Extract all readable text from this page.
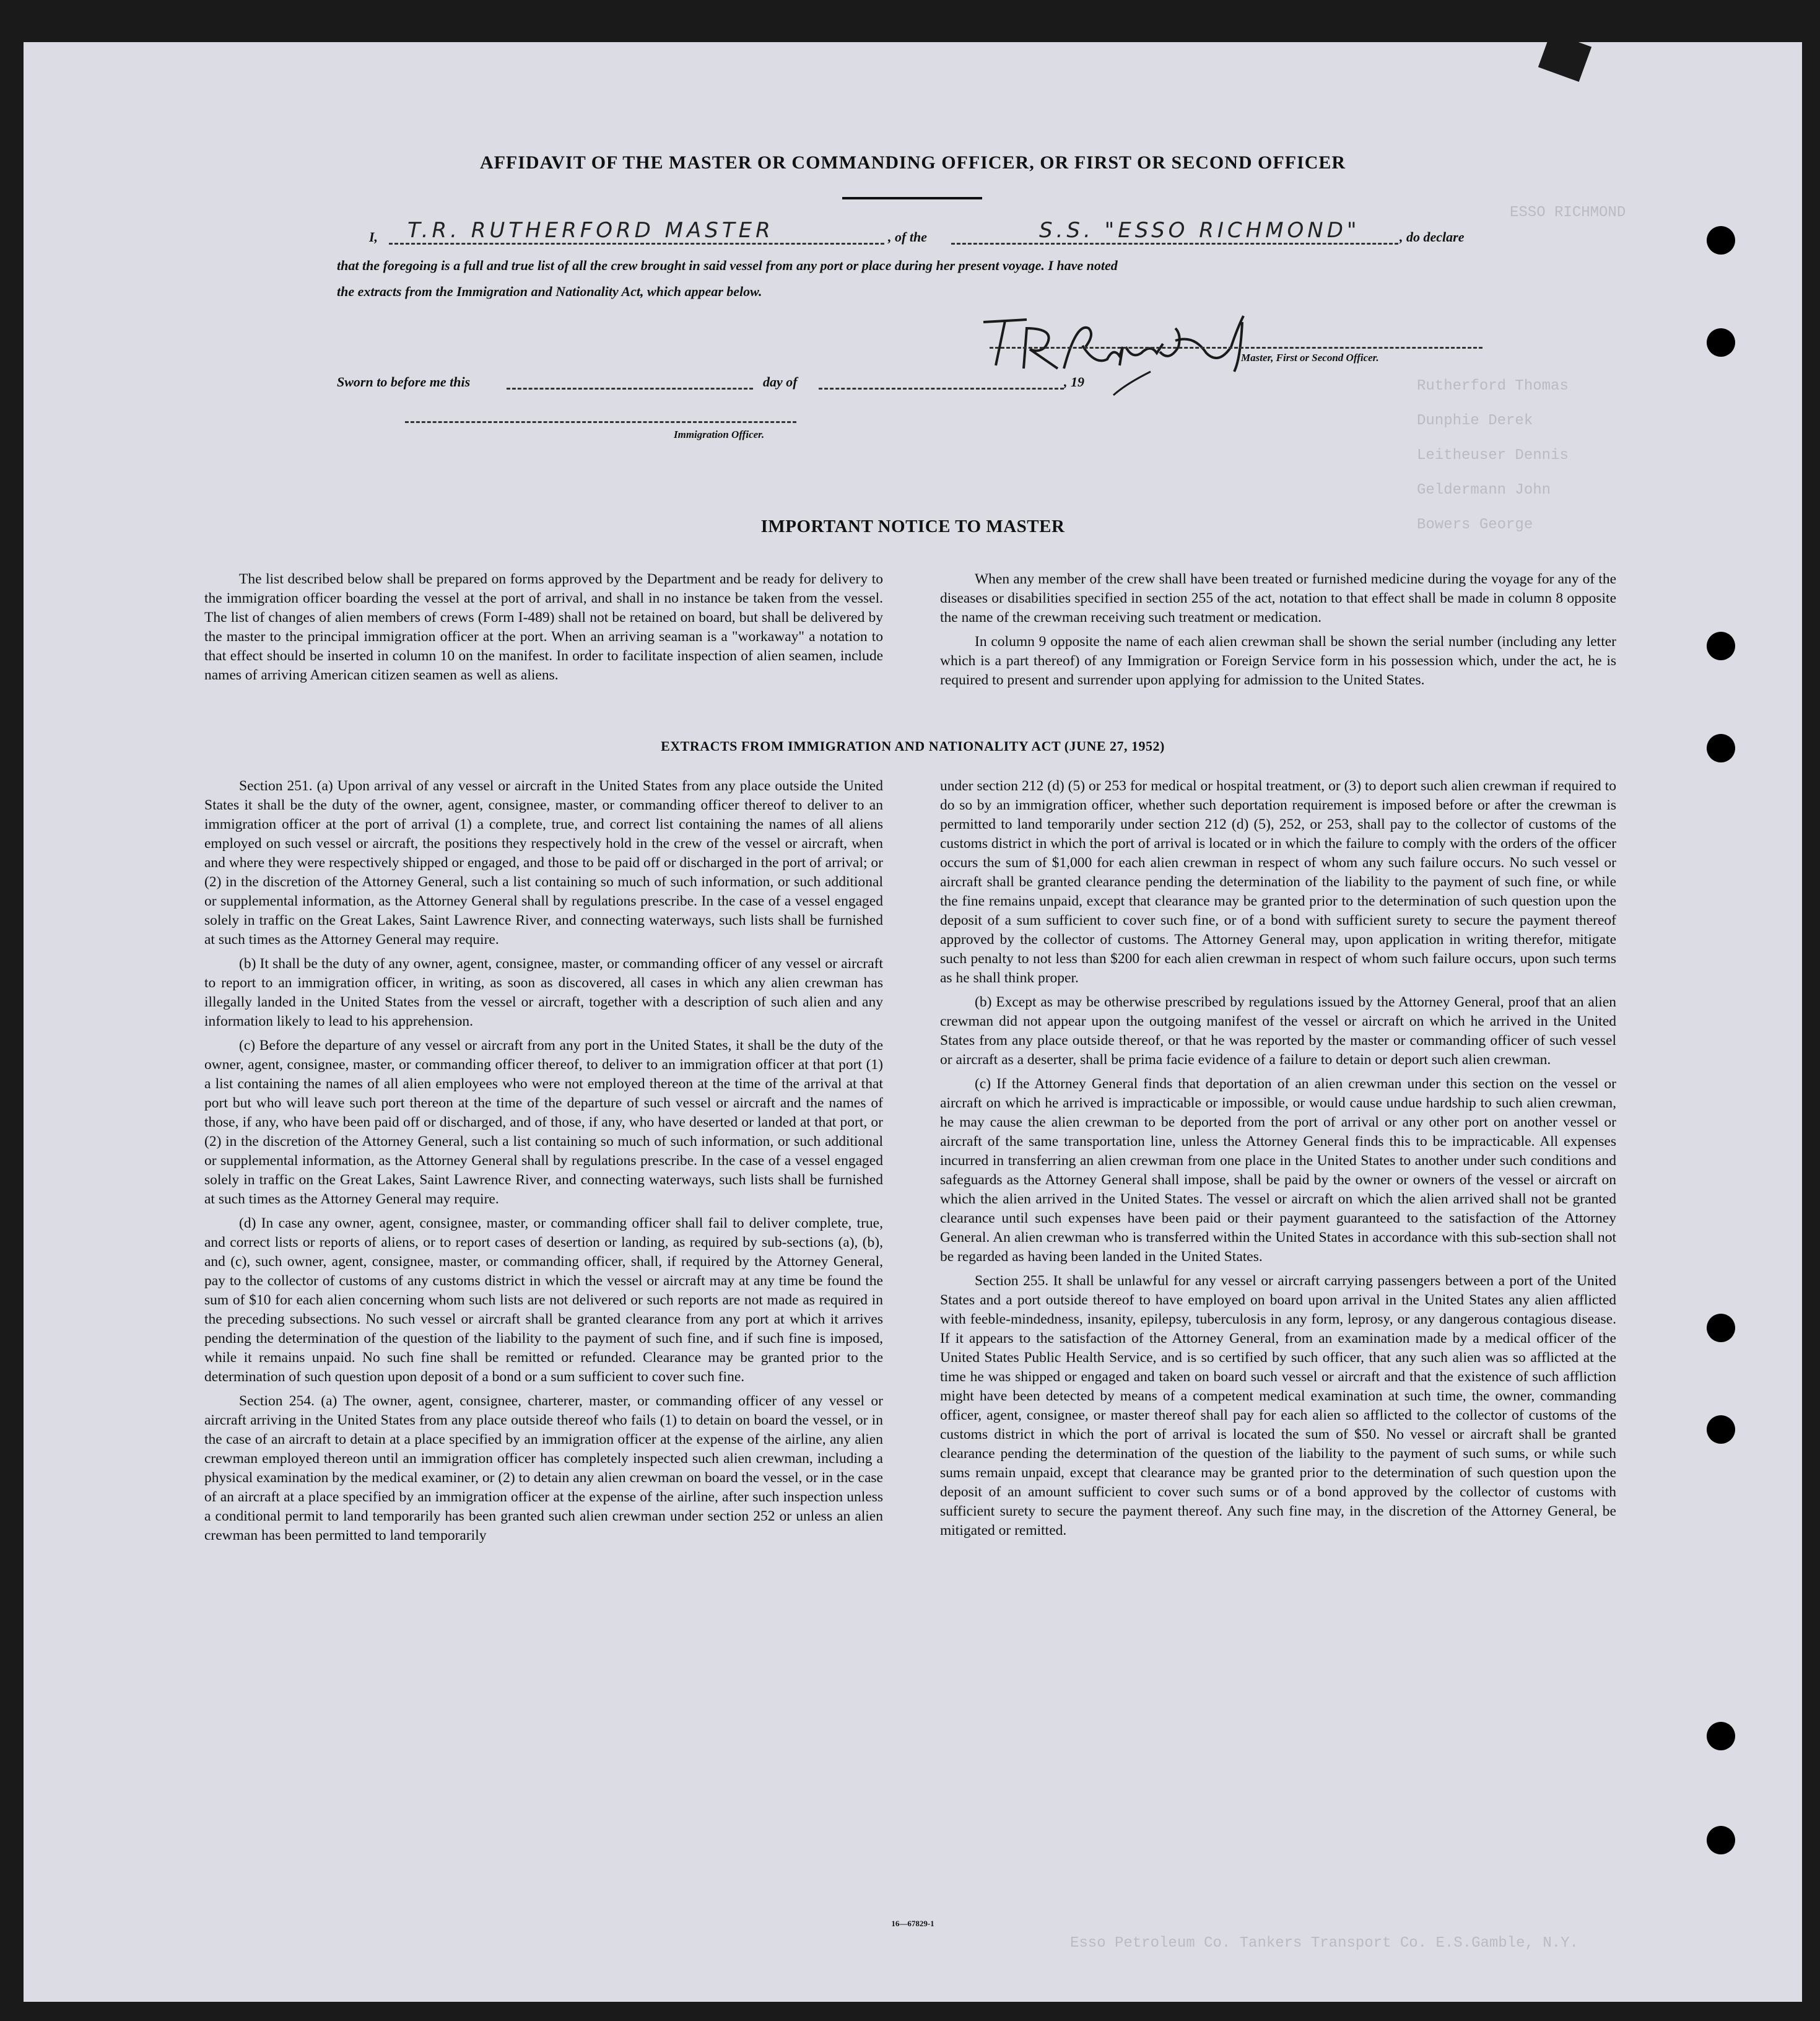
ESSO RICHMOND
Rutherford Thomas
Dunphie Derek
Leitheuser Dennis
Geldermann John
Bowers George
Esso Petroleum Co. Tankers Transport Co. E.S.Gamble, N.Y.
AFFIDAVIT OF THE MASTER OR COMMANDING OFFICER, OR FIRST OR SECOND OFFICER
I, T.R. RUTHERFORD MASTER	, of the	S.S. "ESSO RICHMOND"	, do declare
that the foregoing is a full and true list of all the crew brought in said vessel from any port or place during her present voyage. I have noted
the extracts from the Immigration and Nationality Act, which appear below.
T.R. Rutherford
Master, First or Second Officer.
Sworn to before me this	day of	, 19
Immigration Officer.
IMPORTANT NOTICE TO MASTER

The list described below shall be prepared on forms approved by the Department and be ready for delivery to the immigration officer boarding the vessel at the port of arrival, and shall in no instance be taken from the vessel. The list of changes of alien members of crews (Form I-489) shall not be retained on board, but shall be delivered by the master to the principal immigration officer at the port. When an arriving seaman is a "workaway" a notation to that effect should be inserted in column 10 on the manifest. In order to facilitate inspection of alien seamen, include names of arriving American citizen seamen as well as aliens.

When any member of the crew shall have been treated or furnished medicine during the voyage for any of the diseases or disabilities specified in section 255 of the act, notation to that effect shall be made in column 8 opposite the name of the crewman receiving such treatment or medication.

In column 9 opposite the name of each alien crewman shall be shown the serial number (including any letter which is a part thereof) of any Immigration or Foreign Service form in his possession which, under the act, he is required to present and surrender upon applying for admission to the United States.

EXTRACTS FROM IMMIGRATION AND NATIONALITY ACT (JUNE 27, 1952)

Section 251. (a) Upon arrival of any vessel or aircraft in the United States from any place outside the United States it shall be the duty of the owner, agent, consignee, master, or commanding officer thereof to deliver to an immigration officer at the port of arrival (1) a complete, true, and correct list containing the names of all aliens employed on such vessel or aircraft, the positions they respectively hold in the crew of the vessel or aircraft, when and where they were respectively shipped or engaged, and those to be paid off or discharged in the port of arrival; or (2) in the discretion of the Attorney General, such a list containing so much of such information, or such additional or supplemental information, as the Attorney General shall by regulations prescribe. In the case of a vessel engaged solely in traffic on the Great Lakes, Saint Lawrence River, and connecting waterways, such lists shall be furnished at such times as the Attorney General may require.

(b) It shall be the duty of any owner, agent, consignee, master, or commanding officer of any vessel or aircraft to report to an immigration officer, in writing, as soon as discovered, all cases in which any alien crewman has illegally landed in the United States from the vessel or aircraft, together with a description of such alien and any information likely to lead to his apprehension.

(c) Before the departure of any vessel or aircraft from any port in the United States, it shall be the duty of the owner, agent, consignee, master, or commanding officer thereof, to deliver to an immigration officer at that port (1) a list containing the names of all alien employees who were not employed thereon at the time of the arrival at that port but who will leave such port thereon at the time of the departure of such vessel or aircraft and the names of those, if any, who have been paid off or discharged, and of those, if any, who have deserted or landed at that port, or (2) in the discretion of the Attorney General, such a list containing so much of such information, or such additional or supplemental information, as the Attorney General shall by regulations prescribe. In the case of a vessel engaged solely in traffic on the Great Lakes, Saint Lawrence River, and connecting waterways, such lists shall be furnished at such times as the Attorney General may require.

(d) In case any owner, agent, consignee, master, or commanding officer shall fail to deliver complete, true, and correct lists or reports of aliens, or to report cases of desertion or landing, as required by sub-sections (a), (b), and (c), such owner, agent, consignee, master, or commanding officer, shall, if required by the Attorney General, pay to the collector of customs of any customs district in which the vessel or aircraft may at any time be found the sum of $10 for each alien concerning whom such lists are not delivered or such reports are not made as required in the preceding subsections. No such vessel or aircraft shall be granted clearance from any port at which it arrives pending the determination of the question of the liability to the payment of such fine, and if such fine is imposed, while it remains unpaid. No such fine shall be remitted or refunded. Clearance may be granted prior to the determination of such question upon deposit of a bond or a sum sufficient to cover such fine.

Section 254. (a) The owner, agent, consignee, charterer, master, or commanding officer of any vessel or aircraft arriving in the United States from any place outside thereof who fails (1) to detain on board the vessel, or in the case of an aircraft to detain at a place specified by an immigration officer at the expense of the airline, any alien crewman employed thereon until an immigration officer has completely inspected such alien crewman, including a physical examination by the medical examiner, or (2) to detain any alien crewman on board the vessel, or in the case of an aircraft at a place specified by an immigration officer at the expense of the airline, after such inspection unless a conditional permit to land temporarily has been granted such alien crewman under section 252 or unless an alien crewman has been permitted to land temporarily

under section 212 (d) (5) or 253 for medical or hospital treatment, or (3) to deport such alien crewman if required to do so by an immigration officer, whether such deportation requirement is imposed before or after the crewman is permitted to land temporarily under section 212 (d) (5), 252, or 253, shall pay to the collector of customs of the customs district in which the port of arrival is located or in which the failure to comply with the orders of the officer occurs the sum of $1,000 for each alien crewman in respect of whom any such failure occurs. No such vessel or aircraft shall be granted clearance pending the determination of the liability to the payment of such fine, or while the fine remains unpaid, except that clearance may be granted prior to the determination of such question upon the deposit of a sum sufficient to cover such fine, or of a bond with sufficient surety to secure the payment thereof approved by the collector of customs. The Attorney General may, upon application in writing therefor, mitigate such penalty to not less than $200 for each alien crewman in respect of whom such failure occurs, upon such terms as he shall think proper.

(b) Except as may be otherwise prescribed by regulations issued by the Attorney General, proof that an alien crewman did not appear upon the outgoing manifest of the vessel or aircraft on which he arrived in the United States from any place outside thereof, or that he was reported by the master or commanding officer of such vessel or aircraft as a deserter, shall be prima facie evidence of a failure to detain or deport such alien crewman.

(c) If the Attorney General finds that deportation of an alien crewman under this section on the vessel or aircraft on which he arrived is impracticable or impossible, or would cause undue hardship to such alien crewman, he may cause the alien crewman to be deported from the port of arrival or any other port on another vessel or aircraft of the same transportation line, unless the Attorney General finds this to be impracticable. All expenses incurred in transferring an alien crewman from one place in the United States to another under such conditions and safeguards as the Attorney General shall impose, shall be paid by the owner or owners of the vessel or aircraft on which the alien arrived in the United States. The vessel or aircraft on which the alien arrived shall not be granted clearance until such expenses have been paid or their payment guaranteed to the satisfaction of the Attorney General. An alien crewman who is transferred within the United States in accordance with this sub-section shall not be regarded as having been landed in the United States.

Section 255. It shall be unlawful for any vessel or aircraft carrying passengers between a port of the United States and a port outside thereof to have employed on board upon arrival in the United States any alien afflicted with feeble-mindedness, insanity, epilepsy, tuberculosis in any form, leprosy, or any dangerous contagious disease. If it appears to the satisfaction of the Attorney General, from an examination made by a medical officer of the United States Public Health Service, and is so certified by such officer, that any such alien was so afflicted at the time he was shipped or engaged and taken on board such vessel or aircraft and that the existence of such affliction might have been detected by means of a competent medical examination at such time, the owner, commanding officer, agent, consignee, or master thereof shall pay for each alien so afflicted to the collector of customs of the customs district in which the port of arrival is located the sum of $50. No vessel or aircraft shall be granted clearance pending the determination of the question of the liability to the payment of such sums, or while such sums remain unpaid, except that clearance may be granted prior to the determination of such question upon the deposit of an amount sufficient to cover such sums or of a bond approved by the collector of customs with sufficient surety to secure the payment thereof. Any such fine may, in the discretion of the Attorney General, be mitigated or remitted.

16—67829-1
